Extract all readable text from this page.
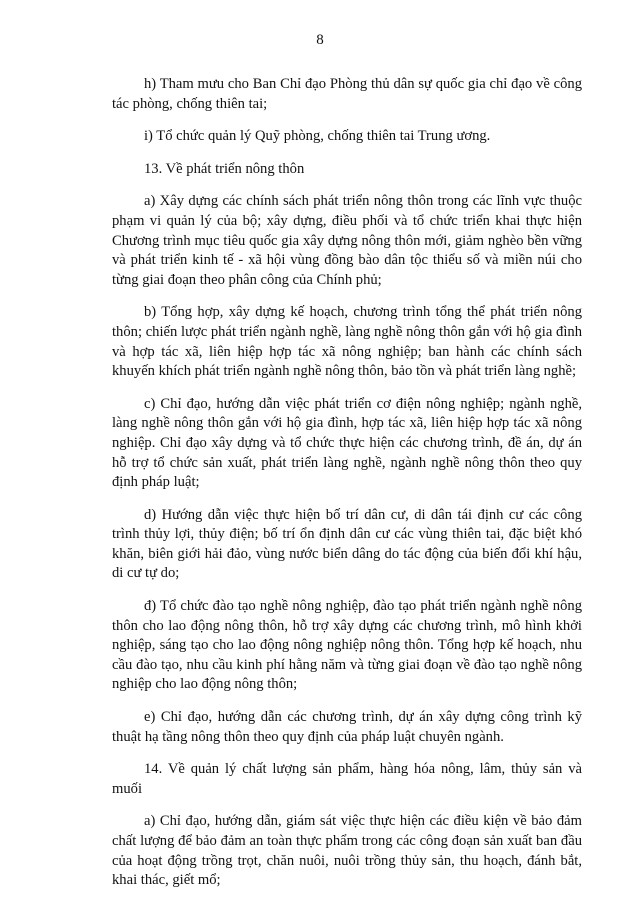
8

h) Tham mưu cho Ban Chỉ đạo Phòng thủ dân sự quốc gia chỉ đạo về công tác phòng, chống thiên tai;

i) Tổ chức quản lý Quỹ phòng, chống thiên tai Trung ương.

13. Về phát triển nông thôn

a) Xây dựng các chính sách phát triển nông thôn trong các lĩnh vực thuộc phạm vi quản lý của bộ; xây dựng, điều phối và tổ chức triển khai thực hiện Chương trình mục tiêu quốc gia xây dựng nông thôn mới, giảm nghèo bền vững và phát triển kinh tế - xã hội vùng đồng bào dân tộc thiểu số và miền núi cho từng giai đoạn theo phân công của Chính phủ;

b) Tổng hợp, xây dựng kế hoạch, chương trình tổng thể phát triển nông thôn; chiến lược phát triển ngành nghề, làng nghề nông thôn gắn với hộ gia đình và hợp tác xã, liên hiệp hợp tác xã nông nghiệp; ban hành các chính sách khuyến khích phát triển ngành nghề nông thôn, bảo tồn và phát triển làng nghề;

c) Chỉ đạo, hướng dẫn việc phát triển cơ điện nông nghiệp; ngành nghề, làng nghề nông thôn gắn với hộ gia đình, hợp tác xã, liên hiệp hợp tác xã nông nghiệp. Chỉ đạo xây dựng và tổ chức thực hiện các chương trình, đề án, dự án hỗ trợ tổ chức sản xuất, phát triển làng nghề, ngành nghề nông thôn theo quy định pháp luật;

d) Hướng dẫn việc thực hiện bố trí dân cư, di dân tái định cư các công trình thủy lợi, thủy điện; bố trí ổn định dân cư các vùng thiên tai, đặc biệt khó khăn, biên giới hải đảo, vùng nước biển dâng do tác động của biến đổi khí hậu, di cư tự do;

đ) Tổ chức đào tạo nghề nông nghiệp, đào tạo phát triển ngành nghề nông thôn cho lao động nông thôn, hỗ trợ xây dựng các chương trình, mô hình khởi nghiệp, sáng tạo cho lao động nông nghiệp nông thôn. Tổng hợp kế hoạch, nhu cầu đào tạo, nhu cầu kinh phí hằng năm và từng giai đoạn về đào tạo nghề nông nghiệp cho lao động nông thôn;

e) Chỉ đạo, hướng dẫn các chương trình, dự án xây dựng công trình kỹ thuật hạ tầng nông thôn theo quy định của pháp luật chuyên ngành.

14. Về quản lý chất lượng sản phẩm, hàng hóa nông, lâm, thủy sản và muối

a) Chỉ đạo, hướng dẫn, giám sát việc thực hiện các điều kiện về bảo đảm chất lượng để bảo đảm an toàn thực phẩm trong các công đoạn sản xuất ban đầu của hoạt động trồng trọt, chăn nuôi, nuôi trồng thủy sản, thu hoạch, đánh bắt, khai thác, giết mổ;
